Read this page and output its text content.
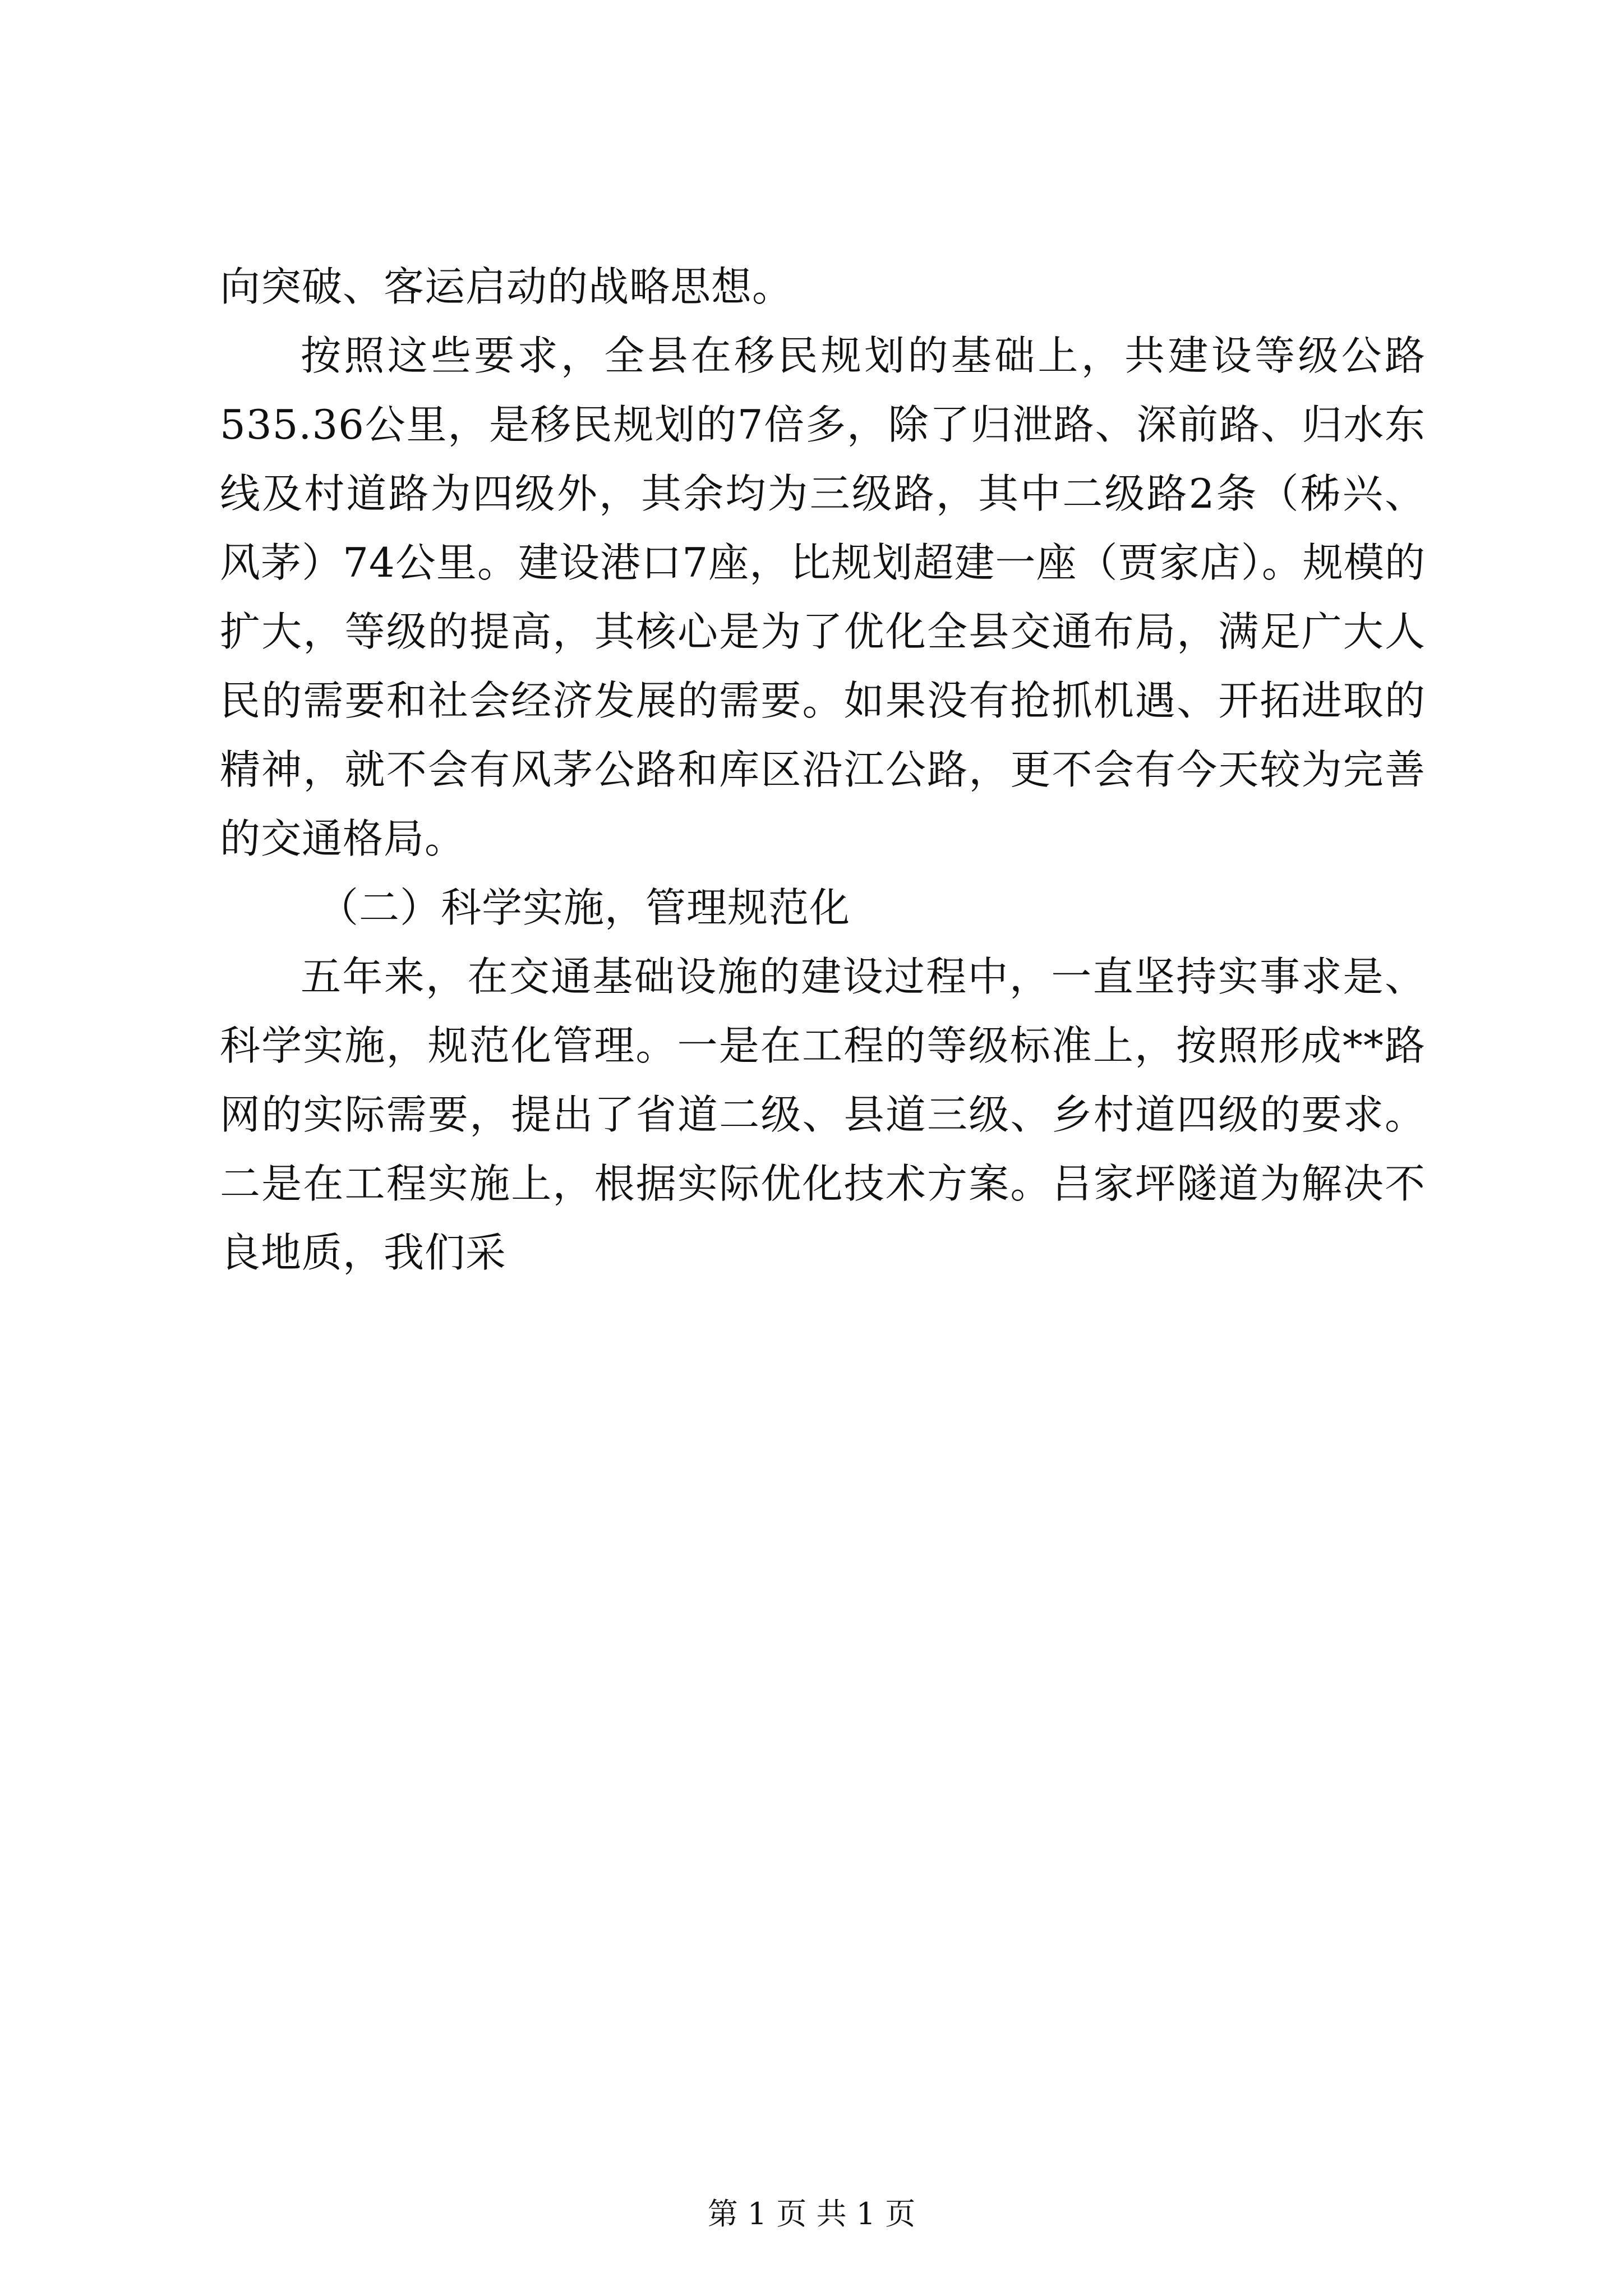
向突破、客运启动的战略思想。

按照这些要求，全县在移民规划的基础上，共建设等级公路535.36公里，是移民规划的7倍多，除了归泄路、深前路、归水东线及村道路为四级外，其余均为三级路，其中二级路2条（秭兴、风茅）74公里。建设港口7座，比规划超建一座（贾家店）。规模的扩大，等级的提高，其核心是为了优化全县交通布局，满足广大人民的需要和社会经济发展的需要。如果没有抢抓机遇、开拓进取的精神，就不会有风茅公路和库区沿江公路，更不会有今天较为完善的交通格局。

（二）科学实施，管理规范化

五年来，在交通基础设施的建设过程中，一直坚持实事求是、科学实施，规范化管理。一是在工程的等级标准上，按照形成**路网的实际需要，提出了省道二级、县道三级、乡村道四级的要求。二是在工程实施上，根据实际优化技术方案。吕家坪隧道为解决不良地质，我们采

第 1 页 共 1 页
